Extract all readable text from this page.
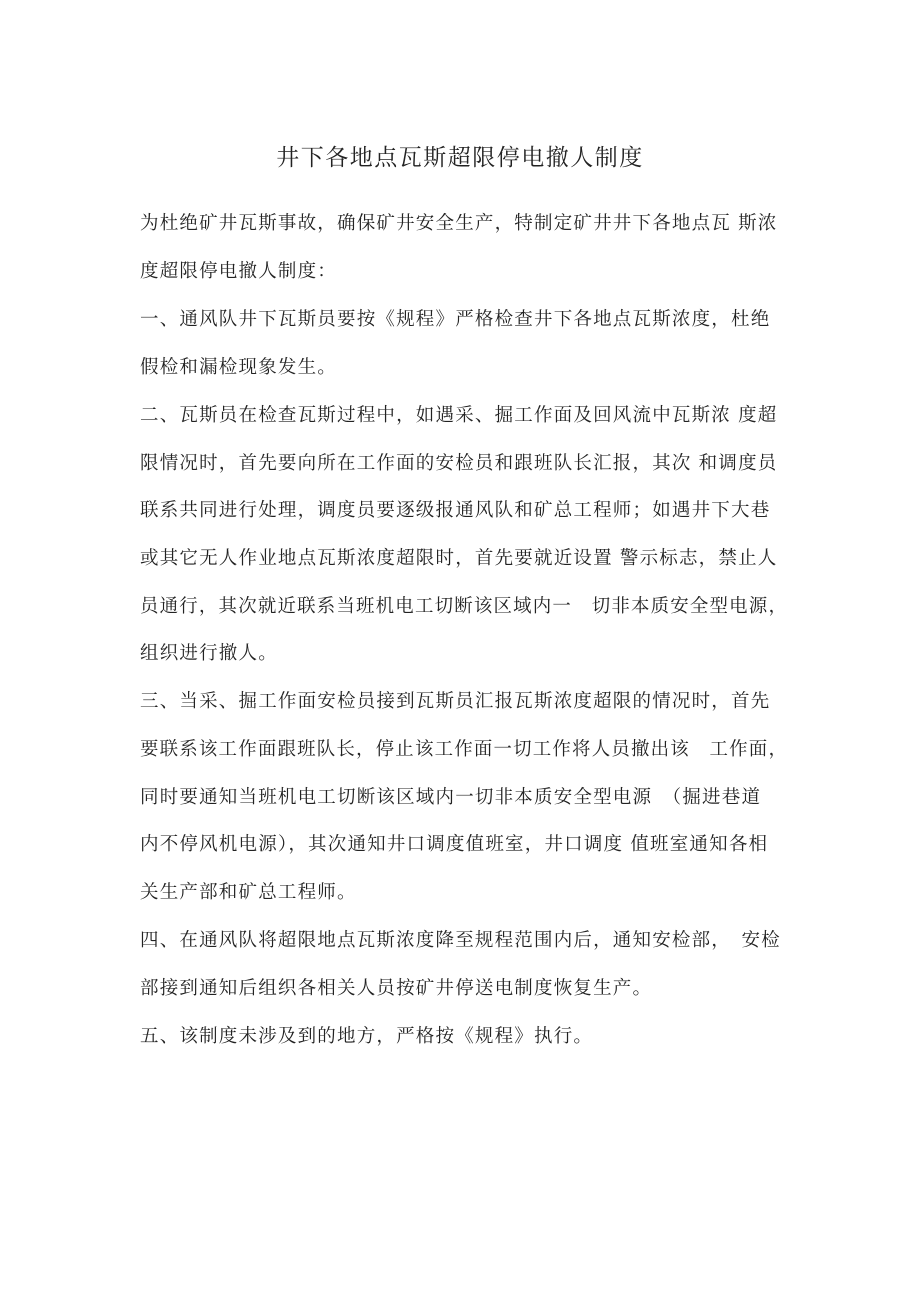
井下各地点瓦斯超限停电撤人制度
为杜绝矿井瓦斯事故，确保矿井安全生产，特制定矿井井下各地点瓦 斯浓
度超限停电撤人制度：
一、通风队井下瓦斯员要按《规程》严格检查井下各地点瓦斯浓度，杜绝
假检和漏检现象发生。
二、瓦斯员在检查瓦斯过程中，如遇采、掘工作面及回风流中瓦斯浓 度超
限情况时，首先要向所在工作面的安检员和跟班队长汇报，其次 和调度员
联系共同进行处理，调度员要逐级报通风队和矿总工程师；如遇井下大巷
或其它无人作业地点瓦斯浓度超限时，首先要就近设置 警示标志，禁止人
员通行，其次就近联系当班机电工切断该区域内一　切非本质安全型电源，
组织进行撤人。
三、当采、掘工作面安检员接到瓦斯员汇报瓦斯浓度超限的情况时，首先
要联系该工作面跟班队长，停止该工作面一切工作将人员撤出该　工作面，
同时要通知当班机电工切断该区域内一切非本质安全型电源　（掘进巷道
内不停风机电源），其次通知井口调度值班室，井口调度 值班室通知各相
关生产部和矿总工程师。
四、在通风队将超限地点瓦斯浓度降至规程范围内后，通知安检部，　安检
部接到通知后组织各相关人员按矿井停送电制度恢复生产。
五、该制度未涉及到的地方，严格按《规程》执行。
